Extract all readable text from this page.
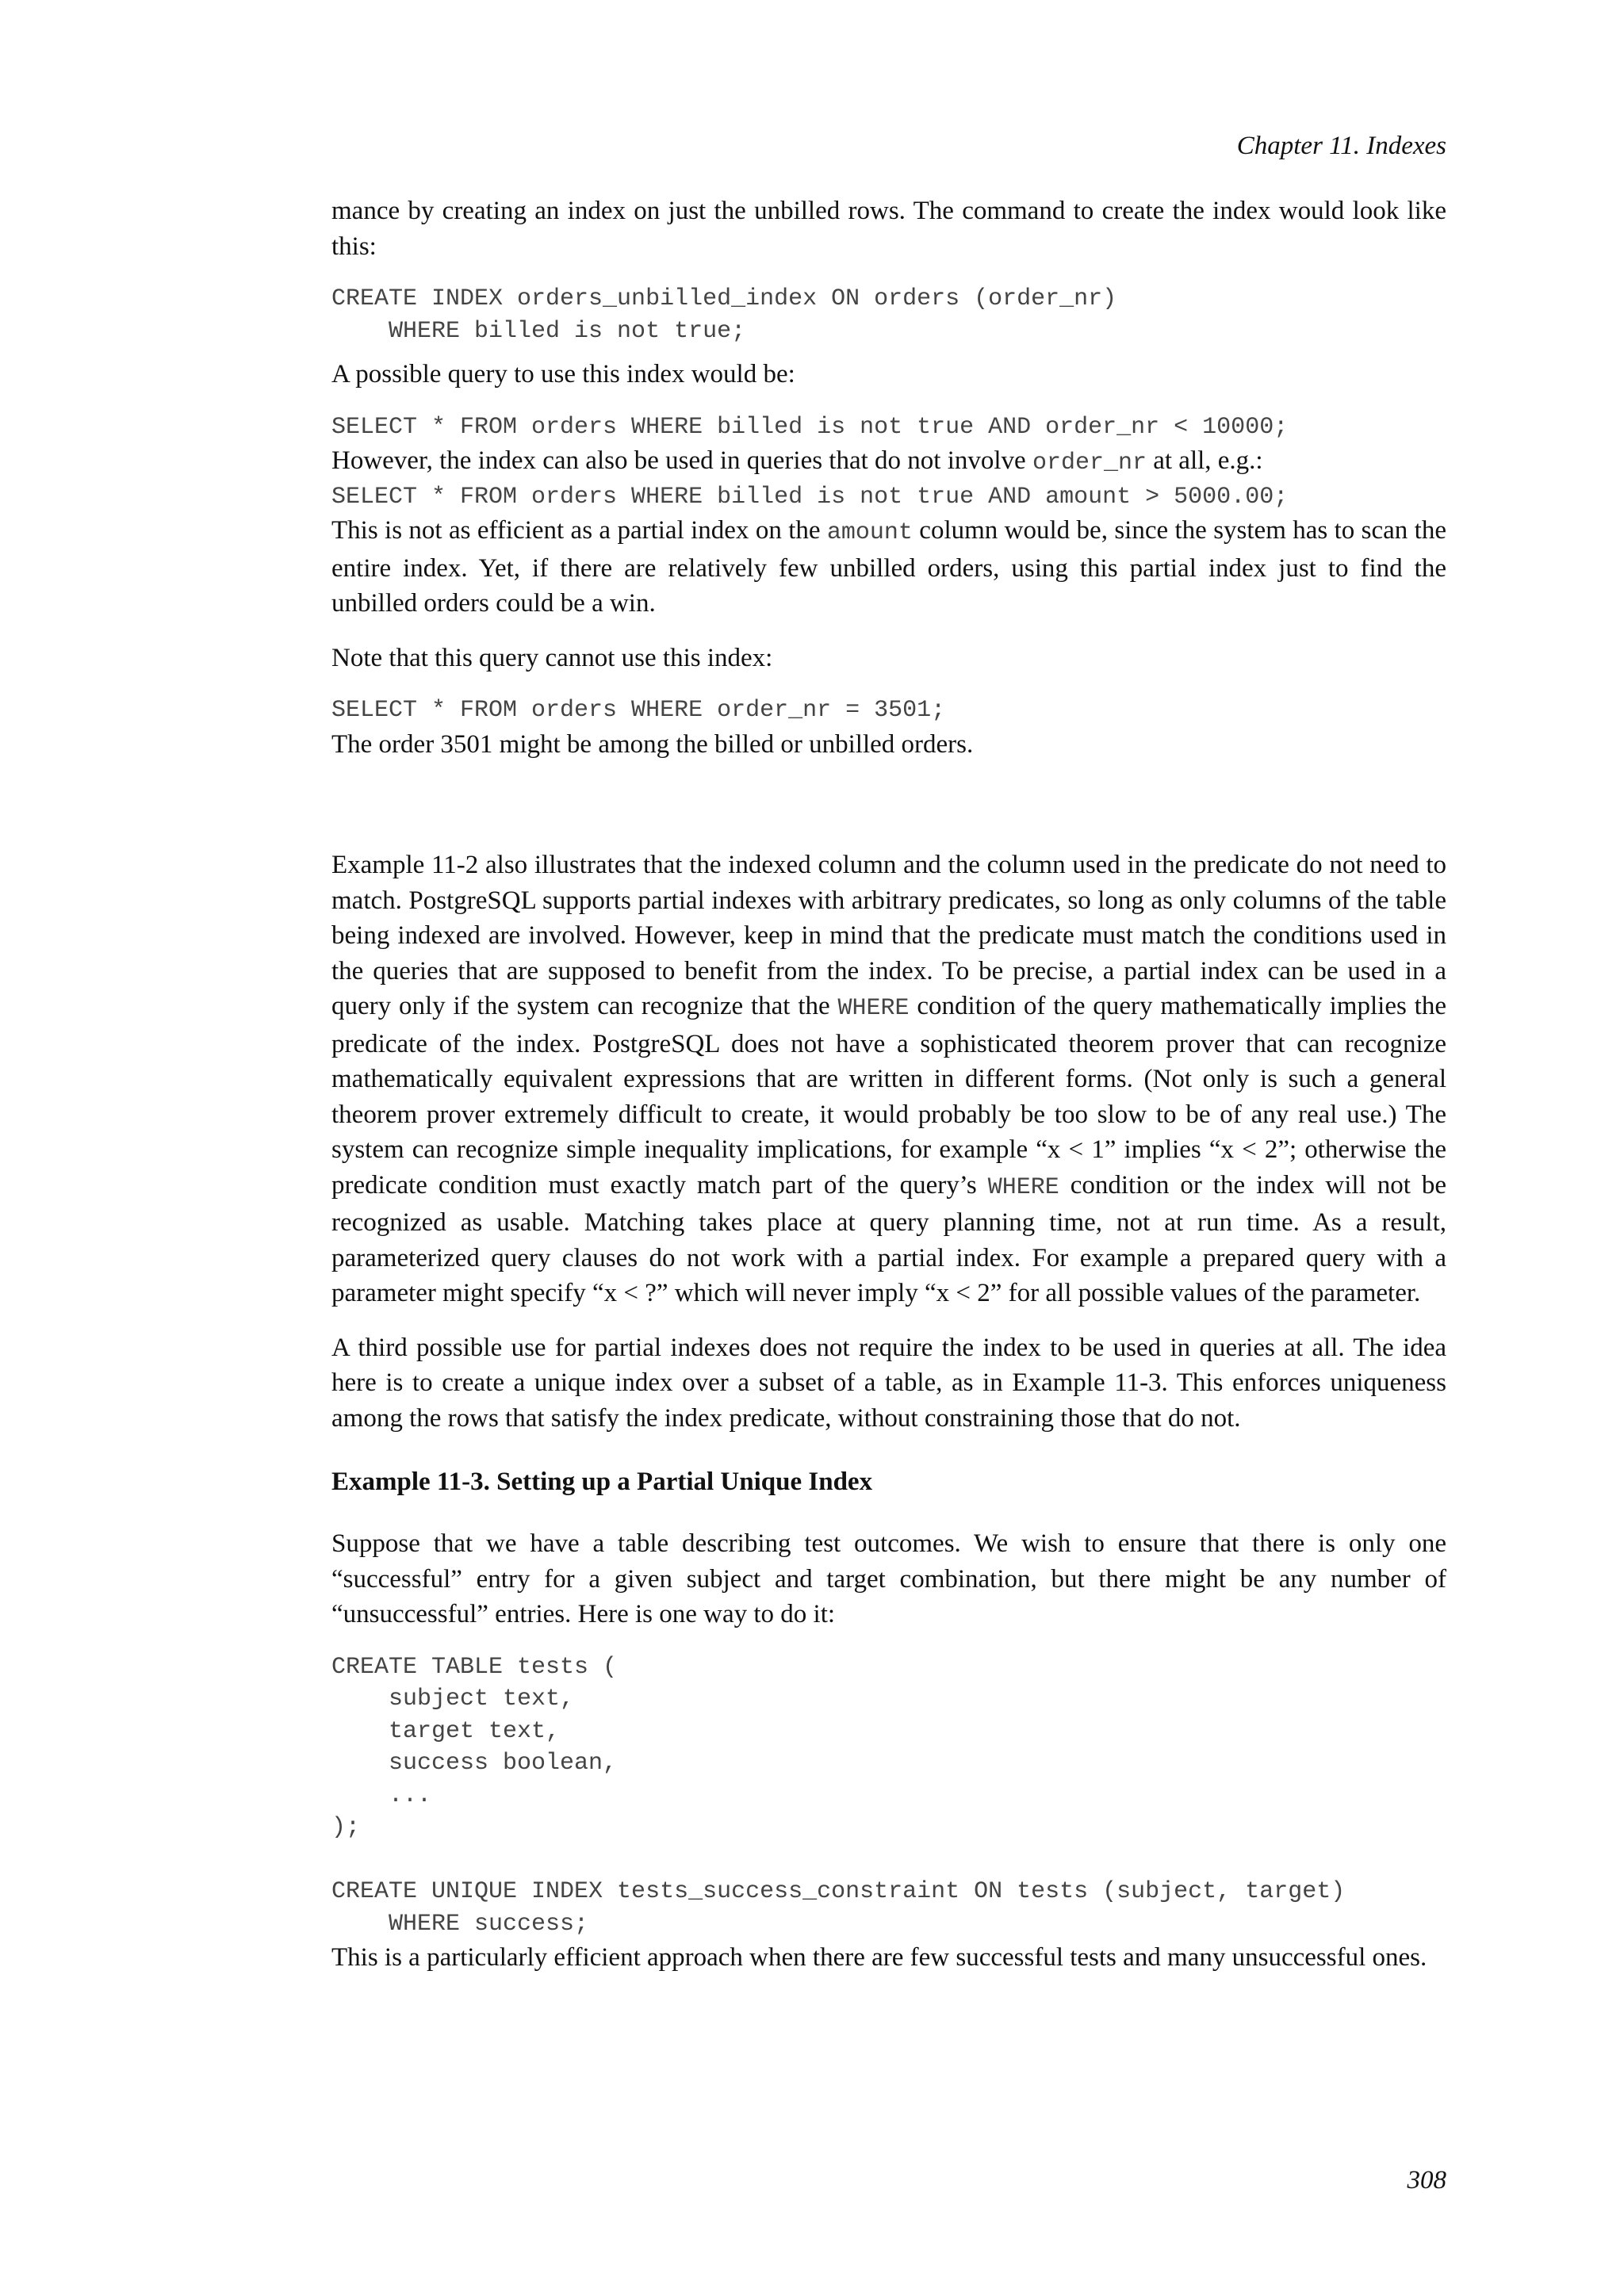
Chapter 11. Indexes

mance by creating an index on just the unbilled rows. The command to create the index would look like this:

CREATE INDEX orders_unbilled_index ON orders (order_nr)
WHERE billed is not true;

A possible query to use this index would be:

SELECT * FROM orders WHERE billed is not true AND order_nr < 10000;

However, the index can also be used in queries that do not involve order_nr at all, e.g.:

SELECT * FROM orders WHERE billed is not true AND amount > 5000.00;

This is not as efficient as a partial index on the amount column would be, since the system has to scan the entire index. Yet, if there are relatively few unbilled orders, using this partial index just to find the unbilled orders could be a win.

Note that this query cannot use this index:

SELECT * FROM orders WHERE order_nr = 3501;

The order 3501 might be among the billed or unbilled orders.

Example 11-2 also illustrates that the indexed column and the column used in the predicate do not need to match. PostgreSQL supports partial indexes with arbitrary predicates, so long as only columns of the table being indexed are involved. However, keep in mind that the predicate must match the conditions used in the queries that are supposed to benefit from the index. To be precise, a partial index can be used in a query only if the system can recognize that the WHERE condition of the query mathematically implies the predicate of the index. PostgreSQL does not have a sophisticated theorem prover that can recognize mathematically equivalent expressions that are written in different forms. (Not only is such a general theorem prover extremely difficult to create, it would probably be too slow to be of any real use.) The system can recognize simple inequality implications, for example “x < 1” implies “x < 2”; otherwise the predicate condition must exactly match part of the query’s WHERE condition or the index will not be recognized as usable. Matching takes place at query planning time, not at run time. As a result, parameterized query clauses do not work with a partial index. For example a prepared query with a parameter might specify “x < ?” which will never imply “x < 2” for all possible values of the parameter.

A third possible use for partial indexes does not require the index to be used in queries at all. The idea here is to create a unique index over a subset of a table, as in Example 11-3. This enforces uniqueness among the rows that satisfy the index predicate, without constraining those that do not.

Example 11-3. Setting up a Partial Unique Index

Suppose that we have a table describing test outcomes. We wish to ensure that there is only one “successful” entry for a given subject and target combination, but there might be any number of “unsuccessful” entries. Here is one way to do it:

CREATE TABLE tests (
subject text,
target text,
success boolean,
...
);

CREATE UNIQUE INDEX tests_success_constraint ON tests (subject, target)
WHERE success;

This is a particularly efficient approach when there are few successful tests and many unsuccessful ones.

308
